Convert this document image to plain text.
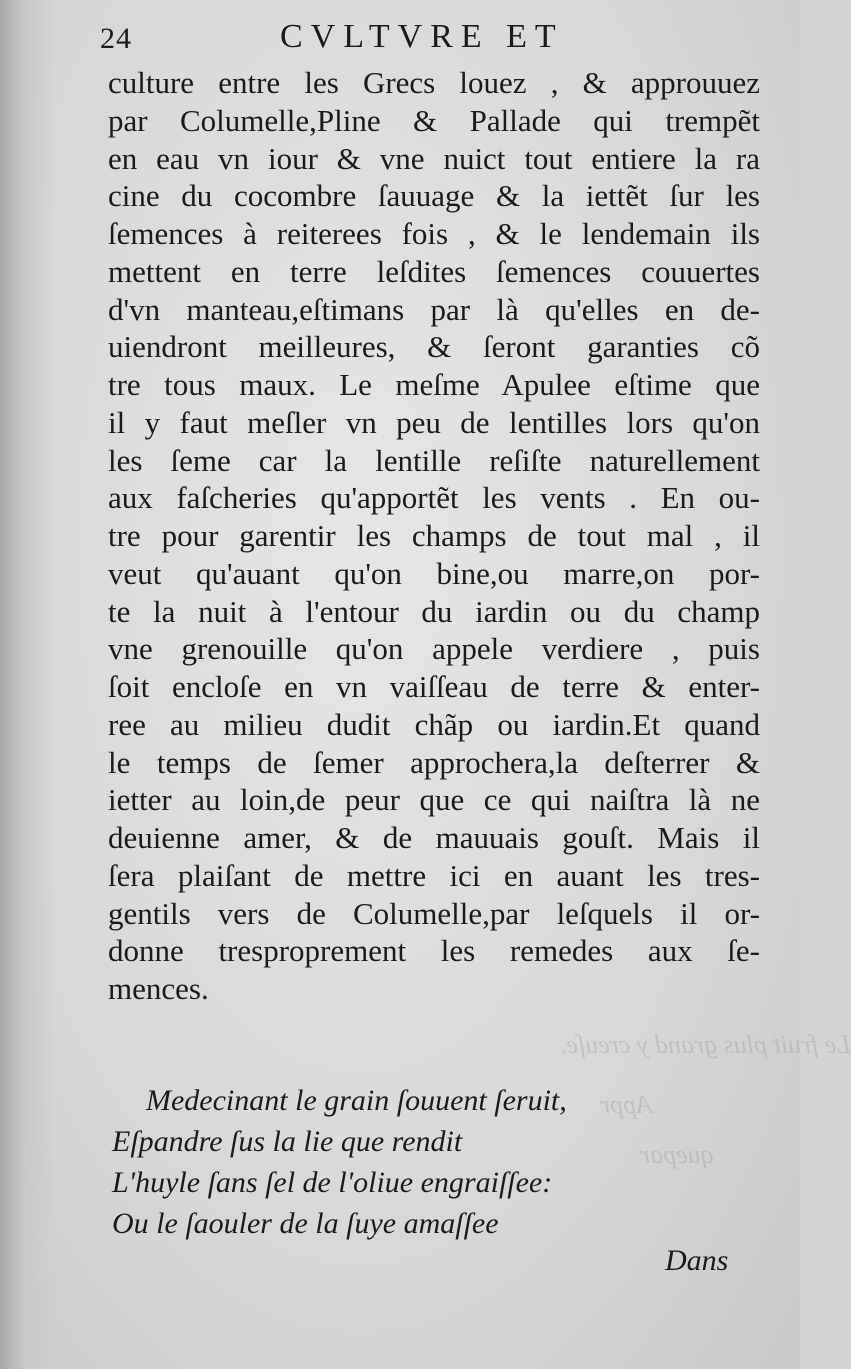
Le fruit plus grand y creuſe.
Appr
quepar
24	CVLTVRE ET
culture entre les Grecs louez , & approuuez
par Columelle,Pline & Pallade qui trempẽt
en eau vn iour & vne nuict tout entiere la ra
cine du cocombre ſauuage & la iettẽt ſur les
ſemences à reiterees fois , & le lendemain ils
mettent en terre leſdites ſemences couuertes
d'vn manteau,eſtimans par là qu'elles en de-
uiendront meilleures, & ſeront garanties cõ
tre tous maux. Le meſme Apulee eſtime que
il y faut meſler vn peu de lentilles lors qu'on
les ſeme car la lentille reſiſte naturellement
aux faſcheries qu'apportẽt les vents . En ou-
tre pour garentir les champs de tout mal , il
veut qu'auant qu'on bine,ou marre,on por-
te la nuit à l'entour du iardin ou du champ
vne grenouille qu'on appele verdiere , puis
ſoit encloſe en vn vaiſſeau de terre & enter-
ree au milieu dudit chãp ou iardin.Et quand
le temps de ſemer approchera,la deſterrer &
ietter au loin,de peur que ce qui naiſtra là ne
deuienne amer, & de mauuais gouſt. Mais il
ſera plaiſant de mettre ici en auant les tres-
gentils vers de Columelle,par leſquels il or-
donne tresproprement les remedes aux ſe-
mences.
Medecinant le grain ſouuent ſeruit,
Eſpandre ſus la lie que rendit
L'huyle ſans ſel de l'oliue engraiſſee:
Ou le ſaouler de la ſuye amaſſee
Dans
